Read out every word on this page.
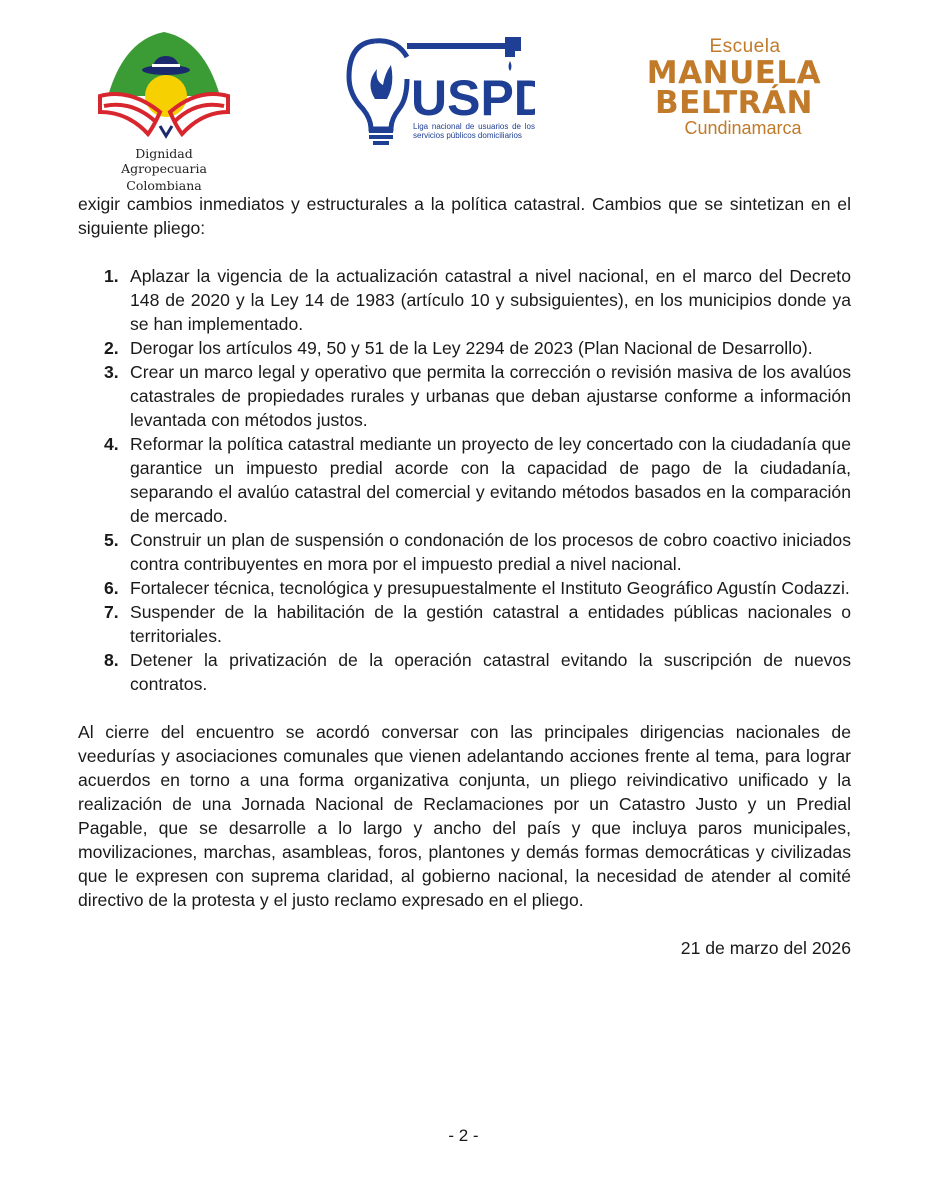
Dignidad Agropecuaria
Colombiana
USPD
Liga nacional de usuarios de los servicios públicos domiciliarios
Escuela
MANUELA
BELTRÁN
Cundinamarca

exigir cambios inmediatos y estructurales a la política catastral. Cambios que se sintetizan en el siguiente pliego:

1. Aplazar la vigencia de la actualización catastral a nivel nacional, en el marco del Decreto 148 de 2020 y la Ley 14 de 1983 (artículo 10 y subsiguientes), en los municipios donde ya se han implementado.
2. Derogar los artículos 49, 50 y 51 de la Ley 2294 de 2023 (Plan Nacional de Desarrollo).
3. Crear un marco legal y operativo que permita la corrección o revisión masiva de los avalúos catastrales de propiedades rurales y urbanas que deban ajustarse conforme a información levantada con métodos justos.
4. Reformar la política catastral mediante un proyecto de ley concertado con la ciudadanía que garantice un impuesto predial acorde con la capacidad de pago de la ciudadanía, separando el avalúo catastral del comercial y evitando métodos basados en la comparación de mercado.
5. Construir un plan de suspensión o condonación de los procesos de cobro coactivo iniciados contra contribuyentes en mora por el impuesto predial a nivel nacional.
6. Fortalecer técnica, tecnológica y presupuestalmente el Instituto Geográfico Agustín Codazzi.
7. Suspender de la habilitación de la gestión catastral a entidades públicas nacionales o territoriales.
8. Detener la privatización de la operación catastral evitando la suscripción de nuevos contratos.

Al cierre del encuentro se acordó conversar con las principales dirigencias nacionales de veedurías y asociaciones comunales que vienen adelantando acciones frente al tema, para lograr acuerdos en torno a una forma organizativa conjunta, un pliego reivindicativo unificado y la realización de una Jornada Nacional de Reclamaciones por un Catastro Justo y un Predial Pagable, que se desarrolle a lo largo y ancho del país y que incluya paros municipales, movilizaciones, marchas, asambleas, foros, plantones y demás formas democráticas y civilizadas que le expresen con suprema claridad, al gobierno nacional, la necesidad de atender al comité directivo de la protesta y el justo reclamo expresado en el pliego.

21 de marzo del 2026
- 2 -
